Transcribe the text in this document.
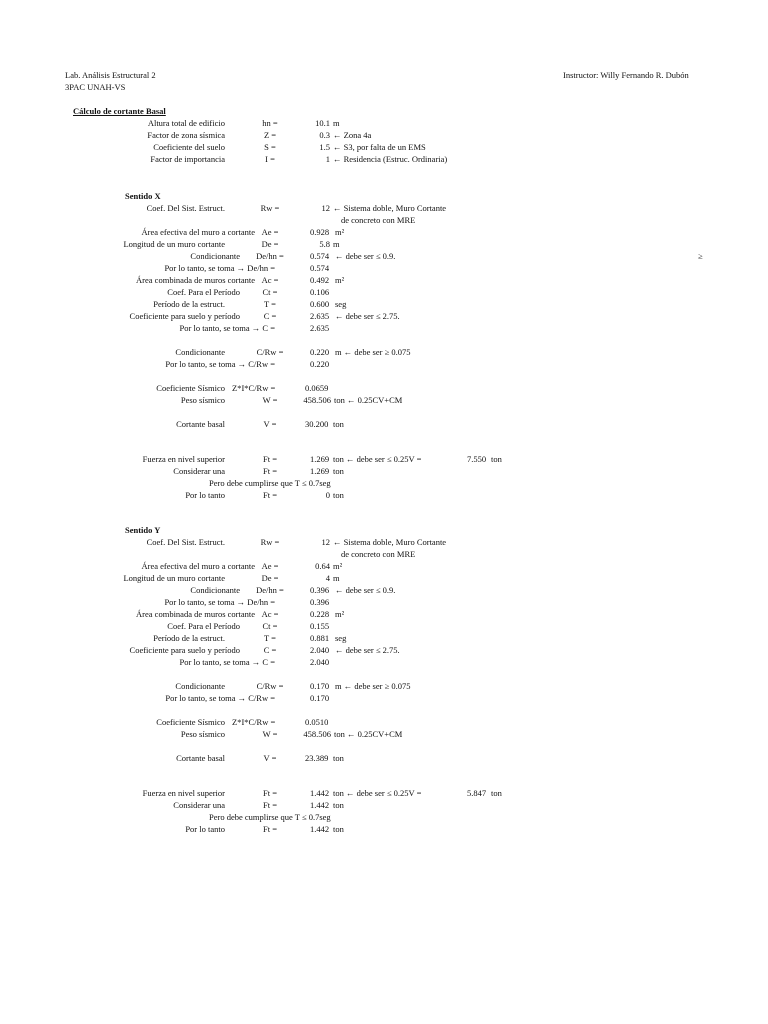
Lab. Análisis Estructural 2
3PAC UNAH-VS
Instructor: Willy Fernando R. Dubón
Cálculo de cortante Basal
Altura total de edificio	hn =	10.1 m
Factor de zona sísmica	Z =	0.3 ← Zona 4a
Coeficiente del suelo	S =	1.5 ← S3, por falta de un EMS
Factor de importancia	I =	1 ← Residencia (Estruc. Ordinaria)
≥
Sentido X
Coef. Del Sist. Estruct.	Rw =	12 ← Sistema doble, Muro Cortante
de concreto con MRE
Área efectiva del muro a cortante Ae =	0.928 m²
Longitud de un muro cortante	De =	5.8 m
Condicionante	De/hn =	0.574 ← debe ser ≤ 0.9.
Por lo tanto, se toma → De/hn =	0.574
Área combinada de muros cortante Ac =	0.492 m²
Coef. Para el Período	Ct =	0.106
Período de la estruct.	T =	0.600 seg
Coeficiente para suelo y período	C =	2.635 ← debe ser ≤ 2.75.
Por lo tanto, se toma → C =	2.635
Condicionante	C/Rw =	0.220 m ← debe ser ≥ 0.075
Por lo tanto, se toma → C/Rw =	0.220
Coeficiente Sísmico Z*I*C/Rw =	0.0659
Peso sísmico	W =	458.506 ton ← 0.25CV+CM
Cortante basal	V =	30.200 ton
Fuerza en nivel superior	Ft =	1.269 ton ← debe ser ≤ 0.25V =	7.550 ton
Considerar una	Ft =	1.269 ton
Pero debe cumplirse que T ≤ 0.7seg
Por lo tanto	Ft =	0 ton
Sentido Y
Coef. Del Sist. Estruct.	Rw =	12 ← Sistema doble, Muro Cortante
de concreto con MRE
Área efectiva del muro a cortante Ae =	0.64 m²
Longitud de un muro cortante	De =	4 m
Condicionante	De/hn =	0.396 ← debe ser ≤ 0.9.
Por lo tanto, se toma → De/hn =	0.396
Área combinada de muros cortante Ac =	0.228 m²
Coef. Para el Período	Ct =	0.155
Período de la estruct.	T =	0.881 seg
Coeficiente para suelo y período	C =	2.040 ← debe ser ≤ 2.75.
Por lo tanto, se toma → C =	2.040
Condicionante	C/Rw =	0.170 m ← debe ser ≥ 0.075
Por lo tanto, se toma → C/Rw =	0.170
Coeficiente Sísmico Z*I*C/Rw =	0.0510
Peso sísmico	W =	458.506 ton ← 0.25CV+CM
Cortante basal	V =	23.389 ton
Fuerza en nivel superior	Ft =	1.442 ton ← debe ser ≤ 0.25V =	5.847 ton
Considerar una	Ft =	1.442 ton
Pero debe cumplirse que T ≤ 0.7seg
Por lo tanto	Ft =	1.442 ton
